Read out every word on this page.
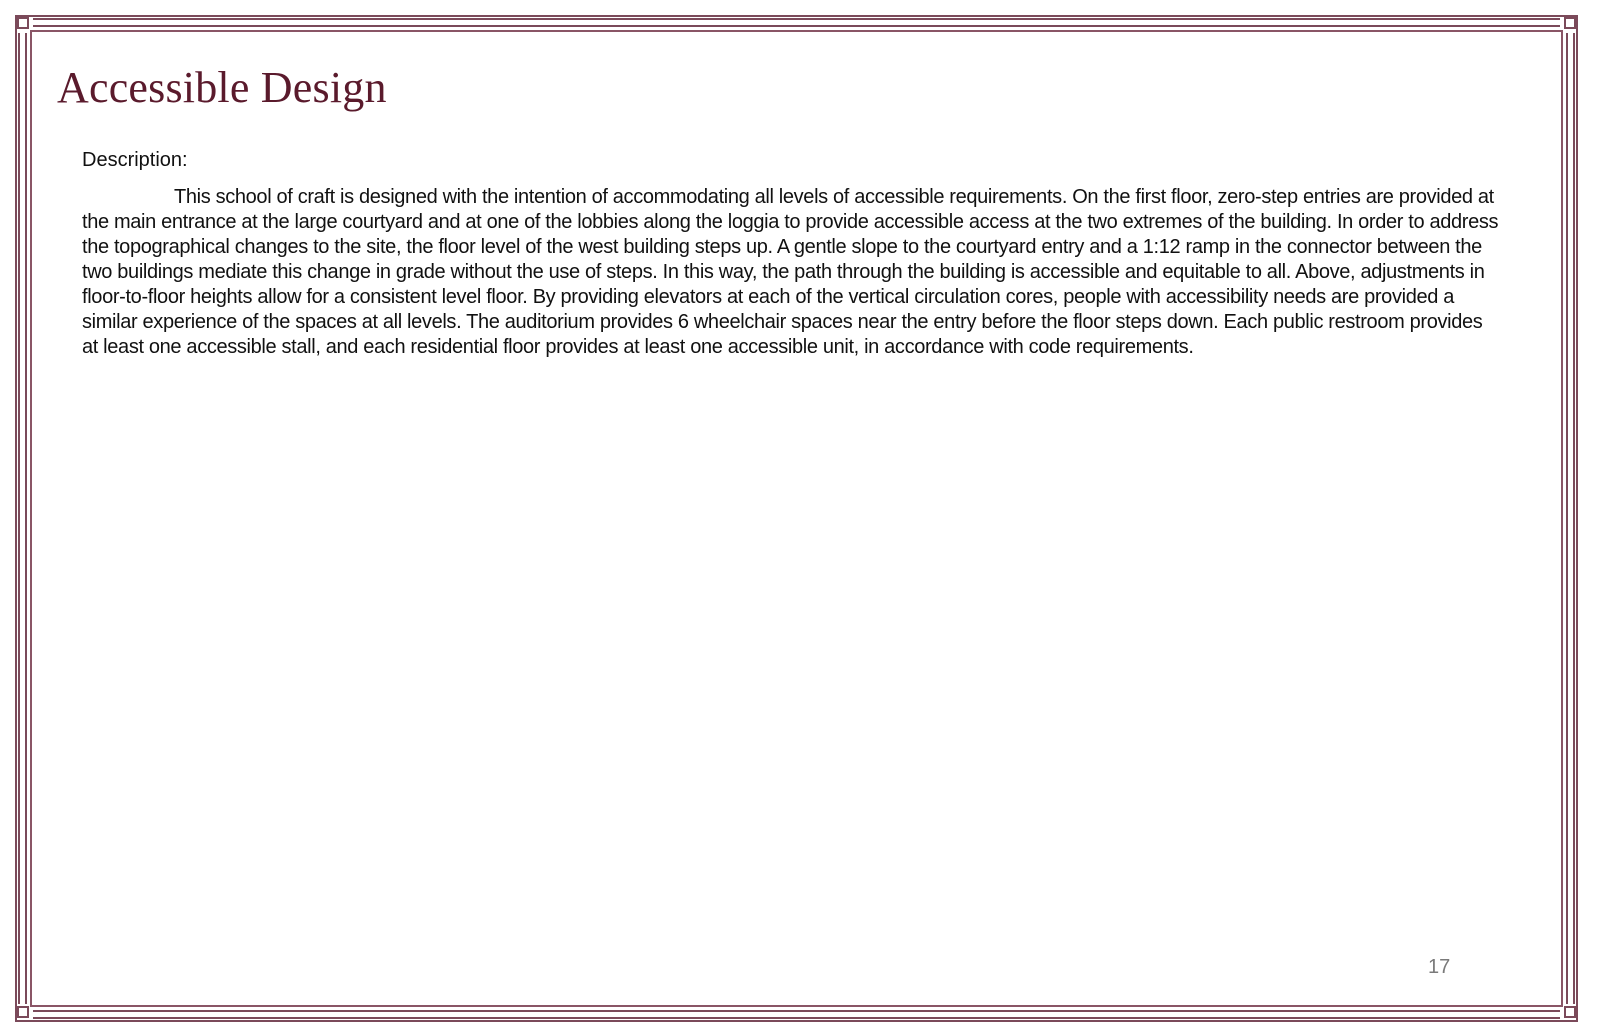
Accessible Design

Description:

This school of craft is designed with the intention of accommodating all levels of accessible requirements. On the first floor, zero-step entries are provided at the main entrance at the large courtyard and at one of the lobbies along the loggia to provide accessible access at the two extremes of the building. In order to address the topographical changes to the site, the floor level of the west building steps up. A gentle slope to the courtyard entry and a 1:12 ramp in the connector between the two buildings mediate this change in grade without the use of steps. In this way, the path through the building is accessible and equitable to all. Above, adjustments in floor-to-floor heights allow for a consistent level floor. By providing elevators at each of the vertical circulation cores, people with accessibility needs are provided a similar experience of the spaces at all levels. The auditorium provides 6 wheelchair spaces near the entry before the floor steps down. Each public restroom provides at least one accessible stall, and each residential floor provides at least one accessible unit, in accordance with code requirements.

17
